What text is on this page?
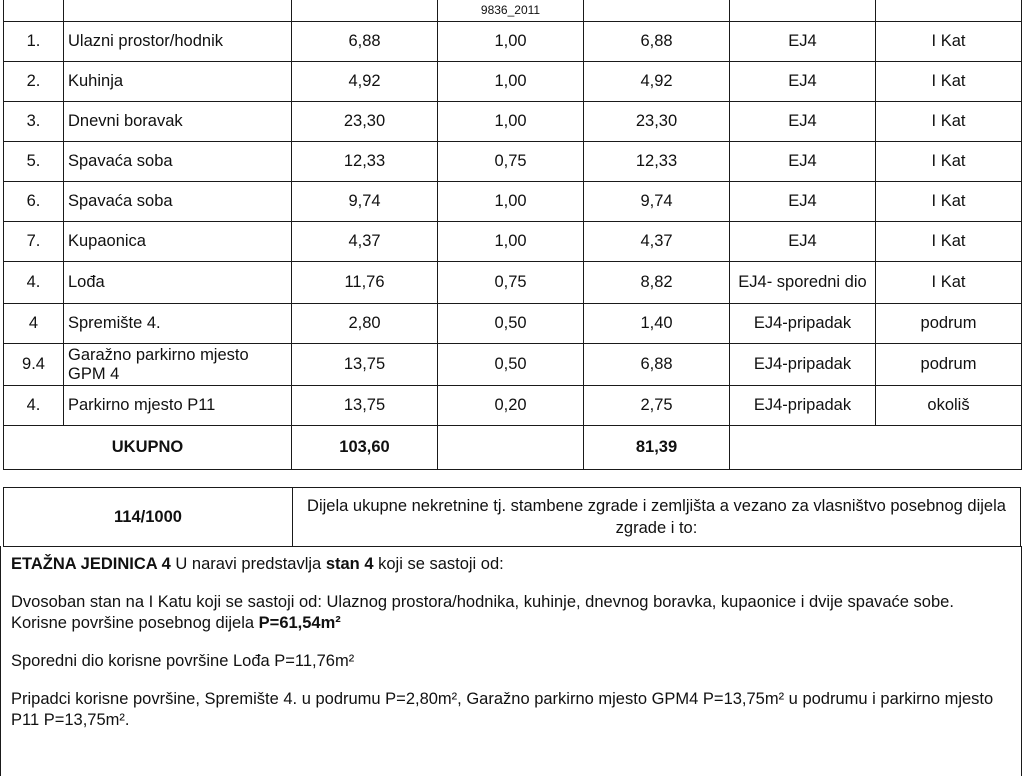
			9836_2011			
1.	Ulazni prostor/hodnik	6,88	1,00	6,88	EJ4	I Kat
2.	Kuhinja	4,92	1,00	4,92	EJ4	I Kat
3.	Dnevni boravak	23,30	1,00	23,30	EJ4	I Kat
5.	Spavaća soba	12,33	0,75	12,33	EJ4	I Kat
6.	Spavaća soba	9,74	1,00	9,74	EJ4	I Kat
7.	Kupaonica	4,37	1,00	4,37	EJ4	I Kat
4.	Lođa	11,76	0,75	8,82	EJ4- sporedni dio	I Kat
4	Spremište 4.	2,80	0,50	1,40	EJ4-pripadak	podrum
9.4	Garažno parkirno mjesto GPM 4	13,75	0,50	6,88	EJ4-pripadak	podrum
4.	Parkirno mjesto P11	13,75	0,20	2,75	EJ4-pripadak	okoliš
UKUPNO		103,60		81,39		
114/1000	Dijela ukupne nekretnine tj. stambene zgrade i zemljišta a vezano za vlasništvo posebnog dijela zgrade i to:

ETAŽNA JEDINICA 4 U naravi predstavlja stan 4 koji se sastoji od:

Dvosoban stan na I Katu koji se sastoji od: Ulaznog prostora/hodnika, kuhinje, dnevnog boravka, kupaonice i dvije spavaće sobe. Korisne površine posebnog dijela P=61,54m²

Sporedni dio korisne površine Lođa P=11,76m²

Pripadci korisne površine, Spremište 4. u podrumu P=2,80m², Garažno parkirno mjesto GPM4 P=13,75m² u podrumu i parkirno mjesto P11 P=13,75m².
